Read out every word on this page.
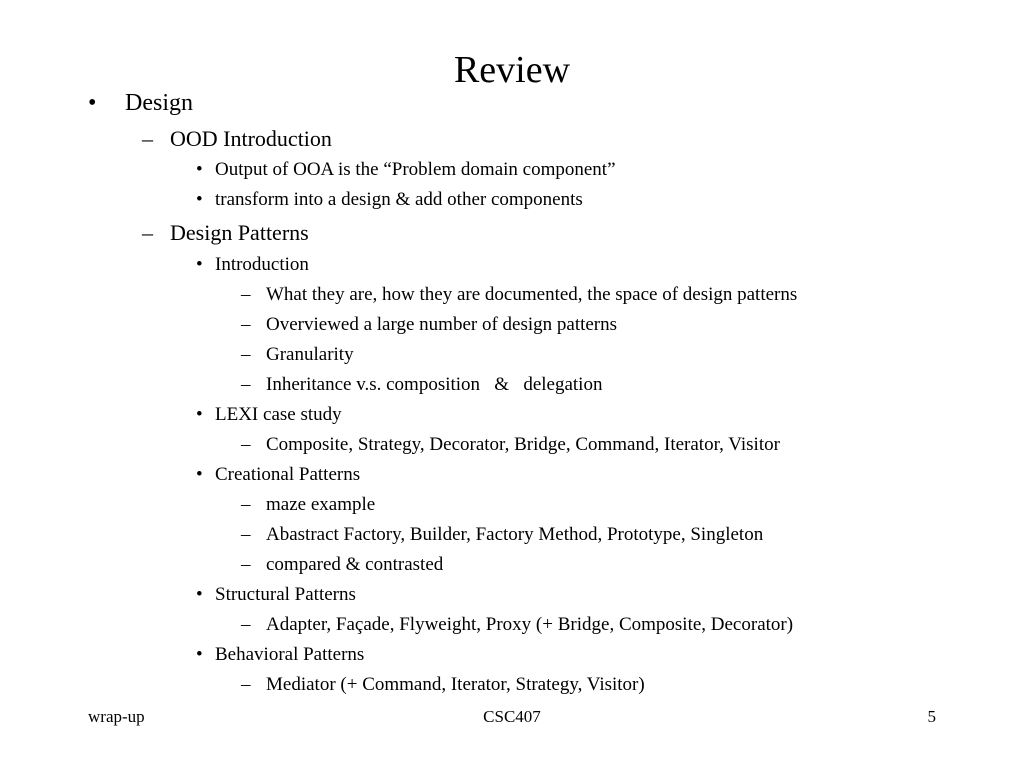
Review
• Design
– OOD Introduction
• Output of OOA is the “Problem domain component”
• transform into a design & add other components
– Design Patterns
• Introduction
– What they are, how they are documented, the space of design patterns
– Overviewed a large number of design patterns
– Granularity
– Inheritance v.s. composition   &   delegation
• LEXI case study
– Composite, Strategy, Decorator, Bridge, Command, Iterator, Visitor
• Creational Patterns
– maze example
– Abastract Factory, Builder, Factory Method, Prototype, Singleton
– compared & contrasted
• Structural Patterns
– Adapter, Façade, Flyweight, Proxy (+ Bridge, Composite, Decorator)
• Behavioral Patterns
– Mediator (+ Command, Iterator, Strategy, Visitor)
wrap-up	CSC407	5
